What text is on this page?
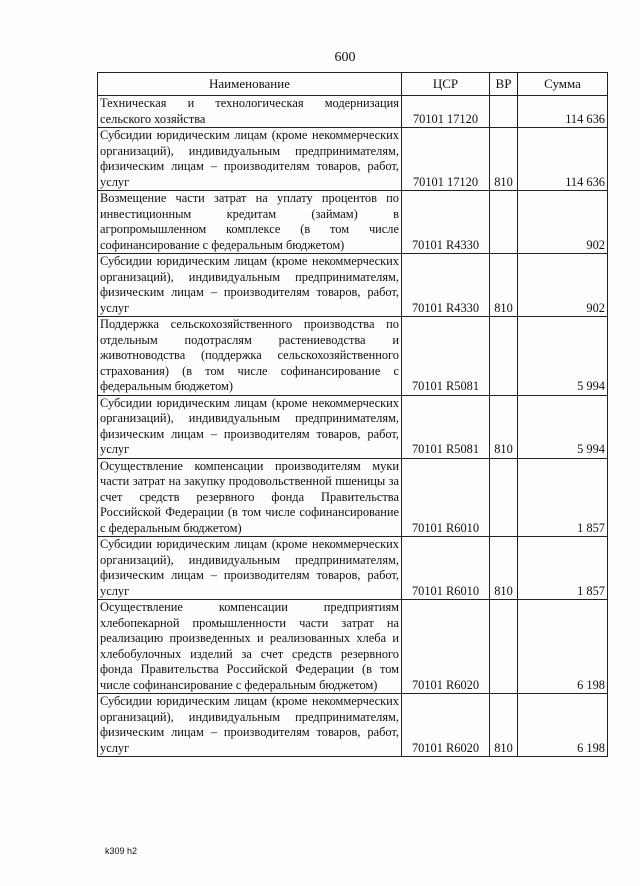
600
Наименование	ЦСР	ВР	Сумма
Техническая и технологическая модернизация сельского хозяйства	70101 17120		114 636
Субсидии юридическим лицам (кроме некоммерческих организаций), индивидуальным предпринимателям, физическим лицам – производителям товаров, работ, услуг	70101 17120	810	114 636
Возмещение части затрат на уплату процентов по инвестиционным кредитам (займам) в агропромышленном комплексе (в том числе софинансирование с федеральным бюджетом)	70101 R4330		902
Субсидии юридическим лицам (кроме некоммерческих организаций), индивидуальным предпринимателям, физическим лицам – производителям товаров, работ, услуг	70101 R4330	810	902
Поддержка сельскохозяйственного производства по отдельным подотраслям растениеводства и животноводства (поддержка сельскохозяйственного страхования) (в том числе софинансирование с федеральным бюджетом)	70101 R5081		5 994
Субсидии юридическим лицам (кроме некоммерческих организаций), индивидуальным предпринимателям, физическим лицам – производителям товаров, работ, услуг	70101 R5081	810	5 994
Осуществление компенсации производителям муки части затрат на закупку продовольственной пшеницы за счет средств резервного фонда Правительства Российской Федерации (в том числе софинансирование с федеральным бюджетом)	70101 R6010		1 857
Субсидии юридическим лицам (кроме некоммерческих организаций), индивидуальным предпринимателям, физическим лицам – производителям товаров, работ, услуг	70101 R6010	810	1 857
Осуществление компенсации предприятиям хлебопекарной промышленности части затрат на реализацию произведенных и реализованных хлеба и хлебобулочных изделий за счет средств резервного фонда Правительства Российской Федерации (в том числе софинансирование с федеральным бюджетом)	70101 R6020		6 198
Субсидии юридическим лицам (кроме некоммерческих организаций), индивидуальным предпринимателям, физическим лицам – производителям товаров, работ, услуг	70101 R6020	810	6 198
k309 h2
